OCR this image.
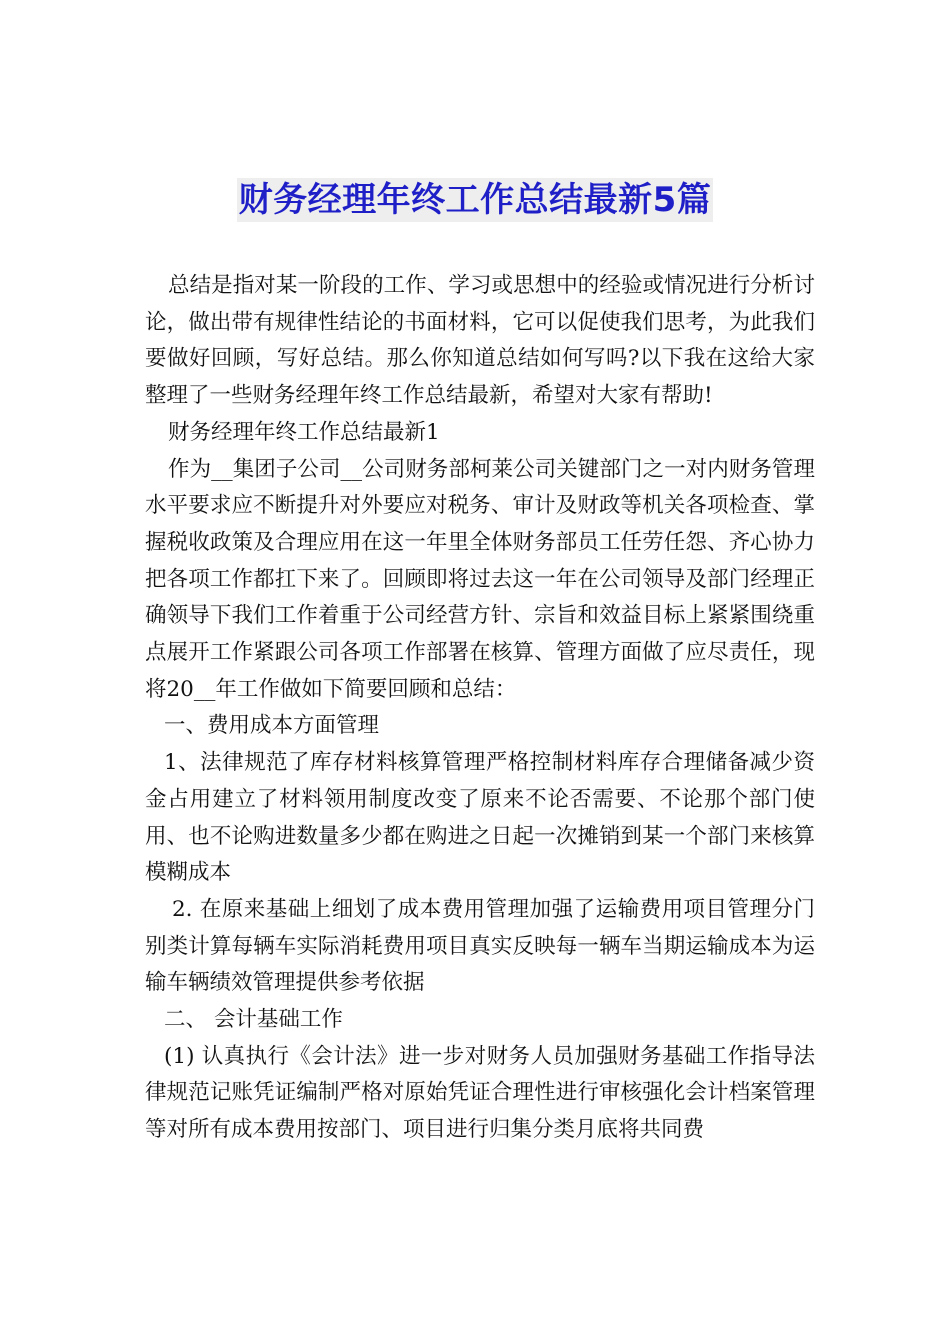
财务经理年终工作总结最新5篇

总结是指对某一阶段的工作、学习或思想中的经验或情况进行分析讨论，做出带有规律性结论的书面材料，它可以促使我们思考，为此我们要做好回顾，写好总结。那么你知道总结如何写吗?以下我在这给大家整理了一些财务经理年终工作总结最新，希望对大家有帮助!

财务经理年终工作总结最新1

作为__集团子公司__公司财务部柯莱公司关键部门之一对内财务管理水平要求应不断提升对外要应对税务、审计及财政等机关各项检查、掌握税收政策及合理应用在这一年里全体财务部员工任劳任怨、齐心协力把各项工作都扛下来了。回顾即将过去这一年在公司领导及部门经理正确领导下我们工作着重于公司经营方针、宗旨和效益目标上紧紧围绕重点展开工作紧跟公司各项工作部署在核算、管理方面做了应尽责任，现将20__年工作做如下简要回顾和总结：

一、费用成本方面管理

1、法律规范了库存材料核算管理严格控制材料库存合理储备减少资金占用建立了材料领用制度改变了原来不论否需要、不论那个部门使用、也不论购进数量多少都在购进之日起一次摊销到某一个部门来核算模糊成本

2. 在原来基础上细划了成本费用管理加强了运输费用项目管理分门别类计算每辆车实际消耗费用项目真实反映每一辆车当期运输成本为运输车辆绩效管理提供参考依据

二、 会计基础工作

(1) 认真执行《会计法》进一步对财务人员加强财务基础工作指导法律规范记账凭证编制严格对原始凭证合理性进行审核强化会计档案管理等对所有成本费用按部门、项目进行归集分类月底将共同费
